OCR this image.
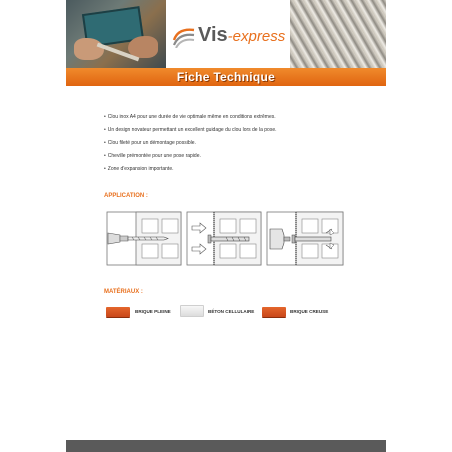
Vis-express
Fiche Technique
• Clou inox A4 pour une durée de vie optimale même en conditions extrêmes.
• Un design novateur permettant un excellent guidage du clou lors de la pose.
• Clou fileté pour un démontage possible.
• Cheville prémontée pour une pose rapide.
• Zone d'expansion importante.
APPLICATION :
MATÉRIAUX :
BRIQUE PLEINE	BÉTON CELLULAIRE	BRIQUE CREUSE
